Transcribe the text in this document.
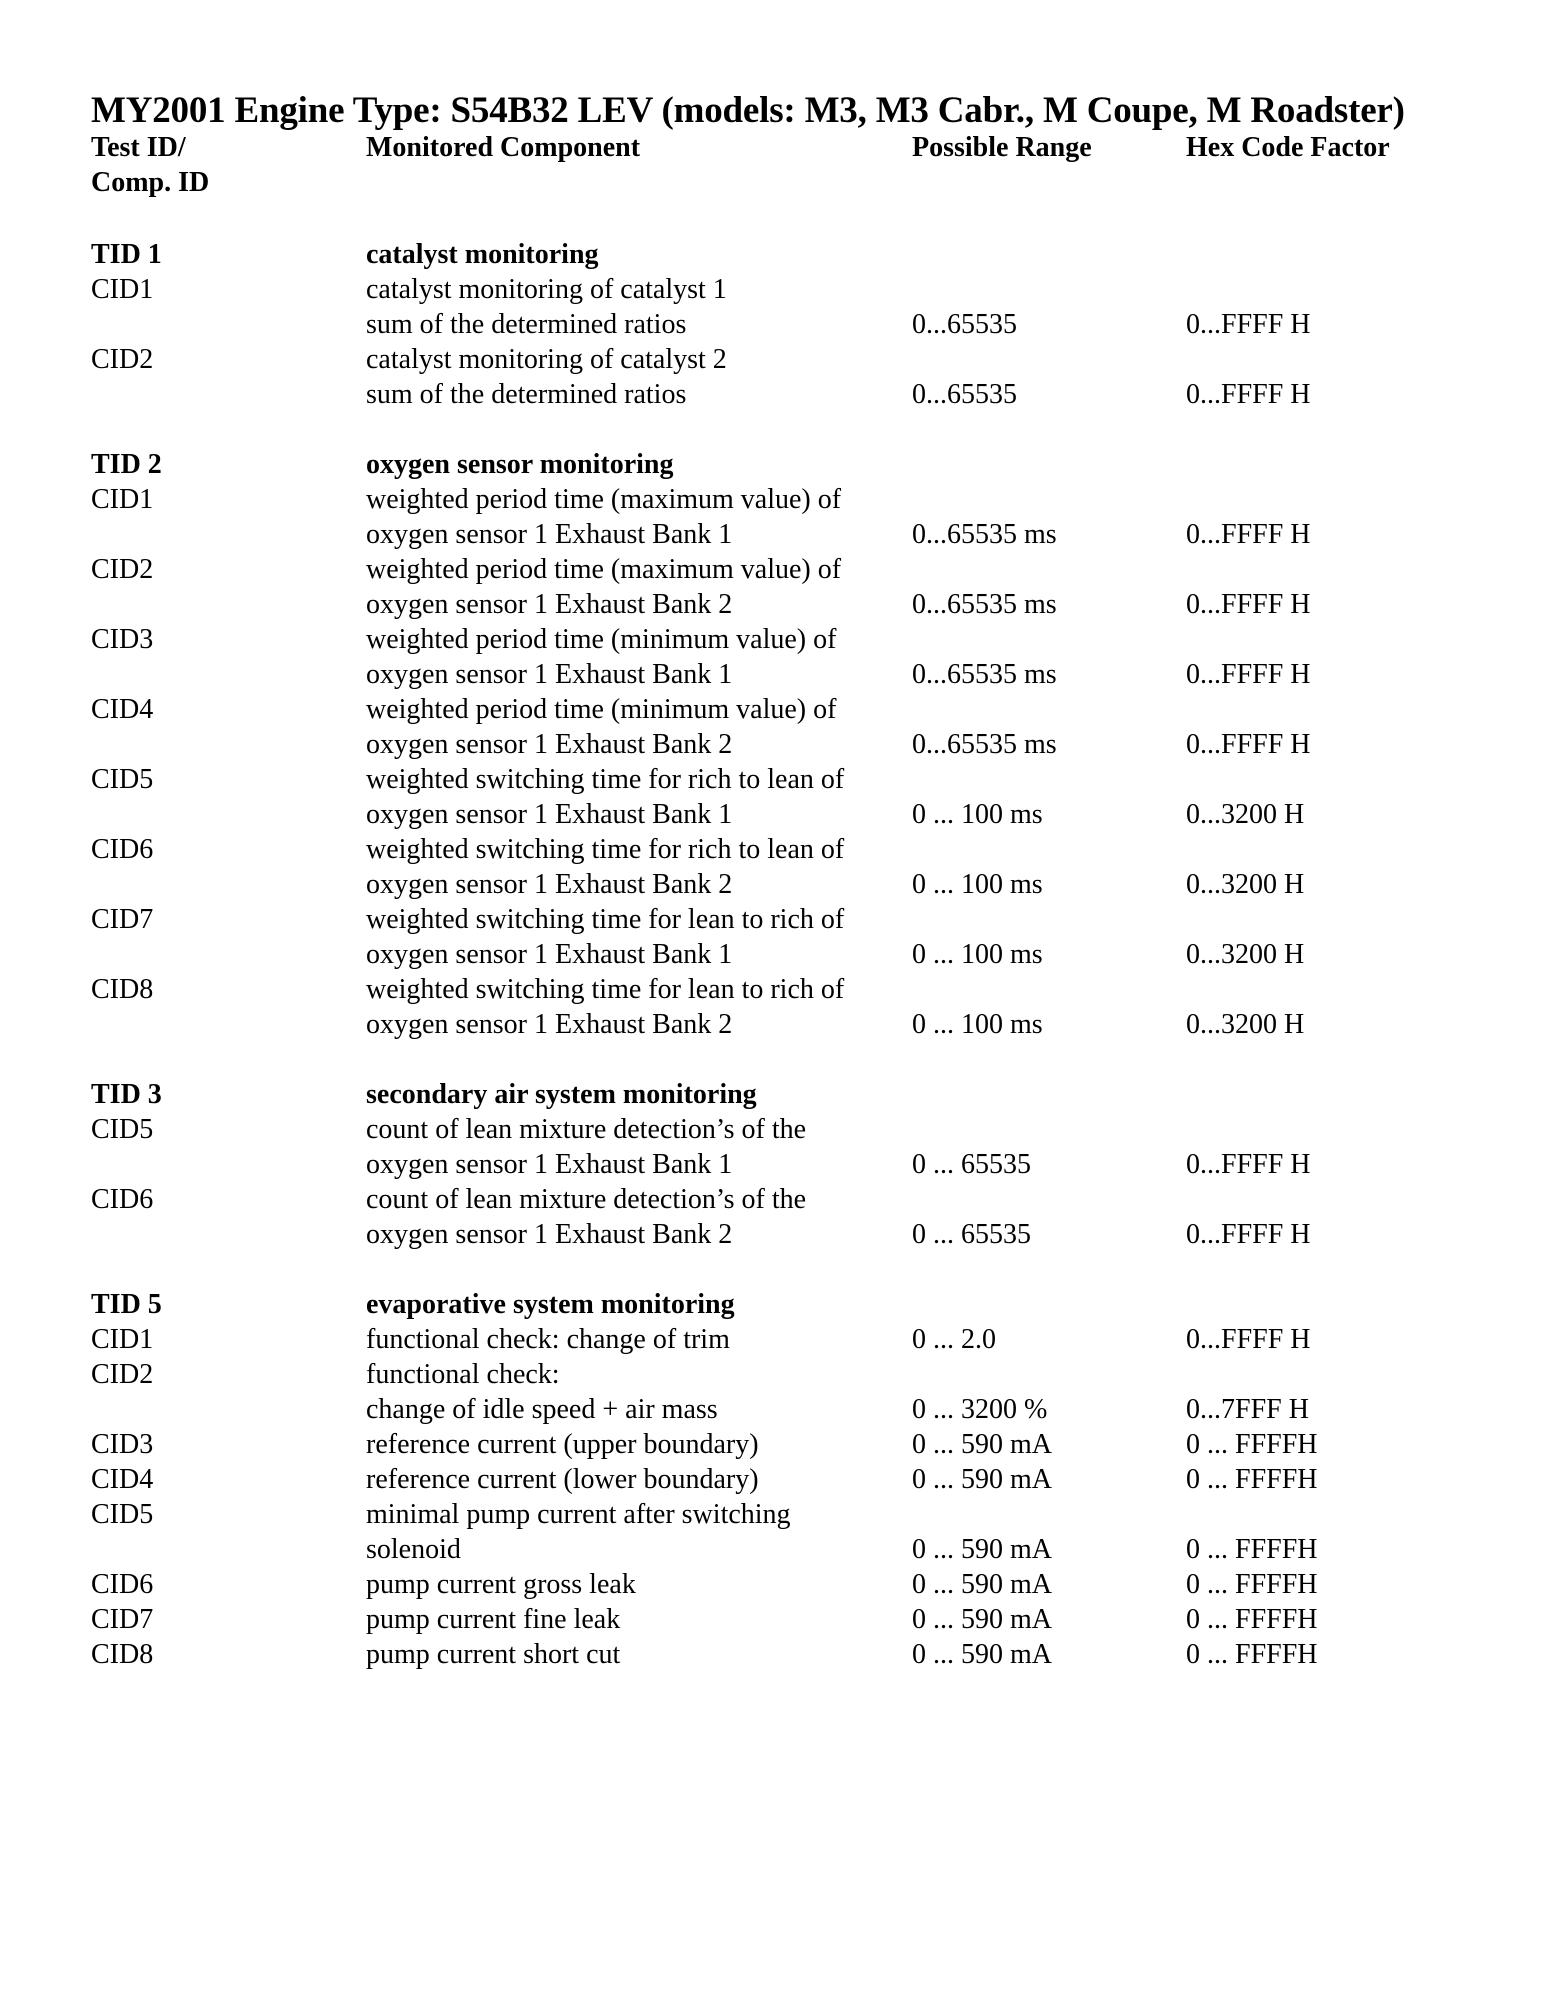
MY2001 Engine Type: S54B32 LEV (models: M3, M3 Cabr., M Coupe, M Roadster)
Test ID/
Comp. ID
Monitored Component	Possible Range	Hex Code Factor
TID 1	catalyst monitoring
CID1	catalyst monitoring of catalyst 1
sum of the determined ratios	0...65535	0...FFFF H
CID2	catalyst monitoring of catalyst 2
sum of the determined ratios	0...65535	0...FFFF H
TID 2	oxygen sensor monitoring
CID1	weighted period time (maximum value) of
oxygen sensor 1 Exhaust Bank 1	0...65535 ms	0...FFFF H
CID2	weighted period time (maximum value) of
oxygen sensor 1 Exhaust Bank 2	0...65535 ms	0...FFFF H
CID3	weighted period time (minimum value) of
oxygen sensor 1 Exhaust Bank 1	0...65535 ms	0...FFFF H
CID4	weighted period time (minimum value) of
oxygen sensor 1 Exhaust Bank 2	0...65535 ms	0...FFFF H
CID5	weighted switching time for rich to lean of
oxygen sensor 1 Exhaust Bank 1	0 ... 100 ms	0...3200 H
CID6	weighted switching time for rich to lean of
oxygen sensor 1 Exhaust Bank 2	0 ... 100 ms	0...3200 H
CID7	weighted switching time for lean to rich of
oxygen sensor 1 Exhaust Bank 1	0 ... 100 ms	0...3200 H
CID8	weighted switching time for lean to rich of
oxygen sensor 1 Exhaust Bank 2	0 ... 100 ms	0...3200 H
TID 3	secondary air system monitoring
CID5	count of lean mixture detection’s of the
oxygen sensor 1 Exhaust Bank 1	0 ... 65535	0...FFFF H
CID6	count of lean mixture detection’s of the
oxygen sensor 1 Exhaust Bank 2	0 ... 65535	0...FFFF H
TID 5	evaporative system monitoring
CID1	functional check: change of trim	0 ... 2.0	0...FFFF H
CID2	functional check:
change of idle speed + air mass	0 ... 3200 %	0...7FFF H
CID3	reference current (upper boundary)	0 ... 590 mA	0 ... FFFFH
CID4	reference current (lower boundary)	0 ... 590 mA	0 ... FFFFH
CID5	minimal pump current after switching
solenoid	0 ... 590 mA	0 ... FFFFH
CID6	pump current gross leak	0 ... 590 mA	0 ... FFFFH
CID7	pump current fine leak	0 ... 590 mA	0 ... FFFFH
CID8	pump current short cut	0 ... 590 mA	0 ... FFFFH
